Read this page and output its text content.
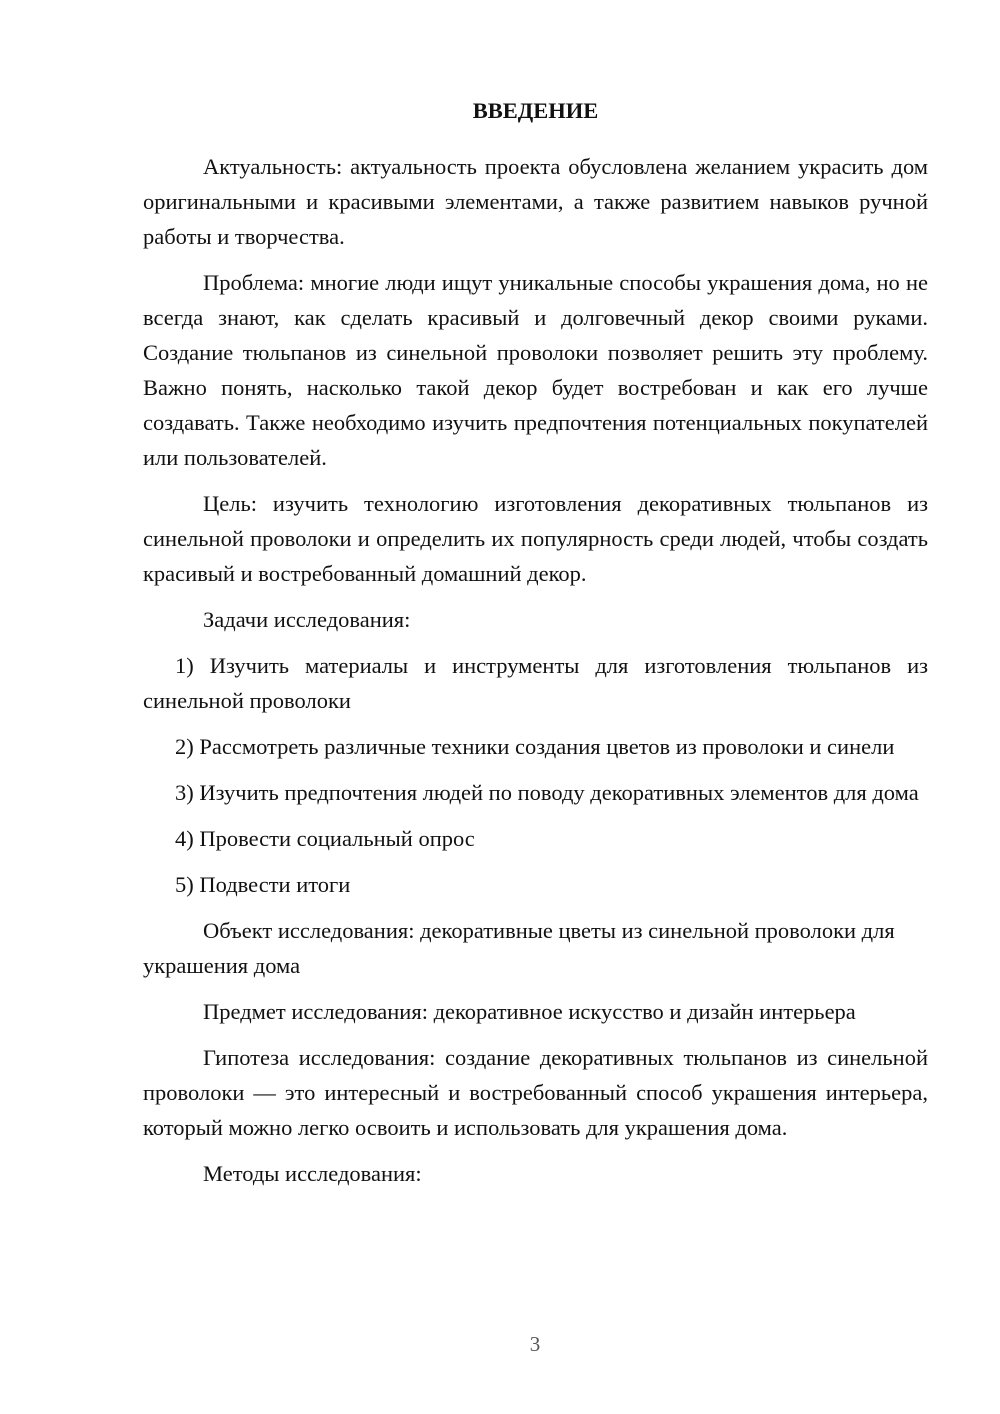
ВВЕДЕНИЕ

Актуальность: актуальность проекта обусловлена желанием украсить дом оригинальными и красивыми элементами, а также развитием навыков ручной работы и творчества.

Проблема: многие люди ищут уникальные способы украшения дома, но не всегда знают, как сделать красивый и долговечный декор своими руками. Создание тюльпанов из синельной проволоки позволяет решить эту проблему. Важно понять, насколько такой декор будет востребован и как его лучше создавать. Также необходимо изучить предпочтения потенциальных покупателей или пользователей.

Цель: изучить технологию изготовления декоративных тюльпанов из синельной проволоки и определить их популярность среди людей, чтобы создать красивый и востребованный домашний декор.

Задачи исследования:

1) Изучить материалы и инструменты для изготовления тюльпанов из синельной проволоки

2) Рассмотреть различные техники создания цветов из проволоки и синели

3) Изучить предпочтения людей по поводу декоративных элементов для дома

4) Провести социальный опрос

5) Подвести итоги

Объект исследования: декоративные цветы из синельной проволоки для украшения дома

Предмет исследования: декоративное искусство и дизайн интерьера

Гипотеза исследования: создание декоративных тюльпанов из синельной проволоки — это интересный и востребованный способ украшения интерьера, который можно легко освоить и использовать для украшения дома.

Методы исследования:

3
